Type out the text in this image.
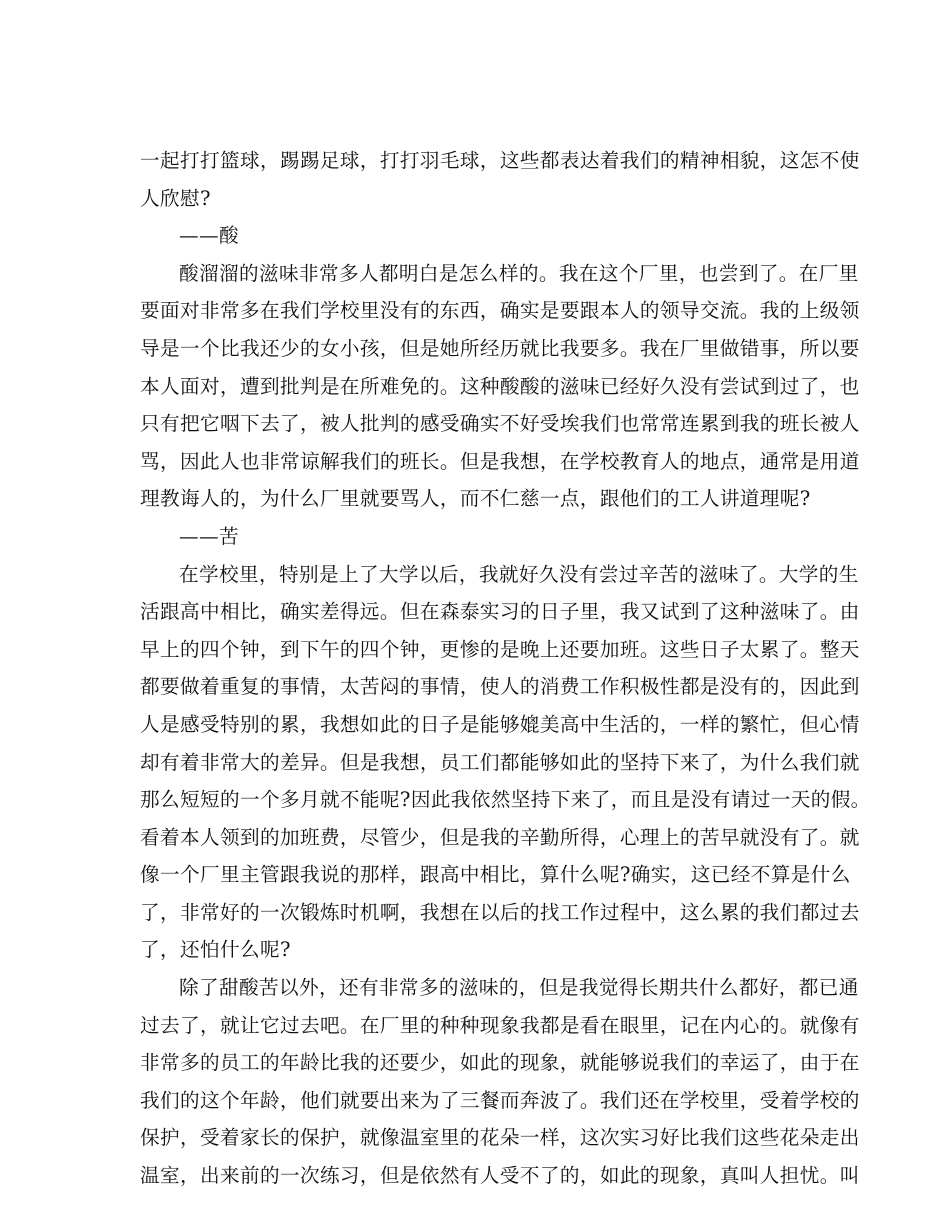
一起打打篮球，踢踢足球，打打羽毛球，这些都表达着我们的精神相貌，这怎不使
人欣慰?
——酸
酸溜溜的滋味非常多人都明白是怎么样的。我在这个厂里，也尝到了。在厂里
要面对非常多在我们学校里没有的东西，确实是要跟本人的领导交流。我的上级领
导是一个比我还少的女小孩，但是她所经历就比我要多。我在厂里做错事，所以要
本人面对，遭到批判是在所难免的。这种酸酸的滋味已经好久没有尝试到过了，也
只有把它咽下去了，被人批判的感受确实不好受埃我们也常常连累到我的班长被人
骂，因此人也非常谅解我们的班长。但是我想，在学校教育人的地点，通常是用道
理教诲人的，为什么厂里就要骂人，而不仁慈一点，跟他们的工人讲道理呢?
——苦
在学校里，特别是上了大学以后，我就好久没有尝过辛苦的滋味了。大学的生
活跟高中相比，确实差得远。但在森泰实习的日子里，我又试到了这种滋味了。由
早上的四个钟，到下午的四个钟，更惨的是晚上还要加班。这些日子太累了。整天
都要做着重复的事情，太苦闷的事情，使人的消费工作积极性都是没有的，因此到
人是感受特别的累，我想如此的日子是能够媲美高中生活的，一样的繁忙，但心情
却有着非常大的差异。但是我想，员工们都能够如此的坚持下来了，为什么我们就
那么短短的一个多月就不能呢?因此我依然坚持下来了，而且是没有请过一天的假。
看着本人领到的加班费，尽管少，但是我的辛勤所得，心理上的苦早就没有了。就
像一个厂里主管跟我说的那样，跟高中相比，算什么呢?确实，这已经不算是什么
了，非常好的一次锻炼时机啊，我想在以后的找工作过程中，这么累的我们都过去
了，还怕什么呢?
除了甜酸苦以外，还有非常多的滋味的，但是我觉得长期共什么都好，都已通
过去了，就让它过去吧。在厂里的种种现象我都是看在眼里，记在内心的。就像有
非常多的员工的年龄比我的还要少，如此的现象，就能够说我们的幸运了，由于在
我们的这个年龄，他们就要出来为了三餐而奔波了。我们还在学校里，受着学校的
保护，受着家长的保护，就像温室里的花朵一样，这次实习好比我们这些花朵走出
温室，出来前的一次练习，但是依然有人受不了的，如此的现象，真叫人担忧。叫
